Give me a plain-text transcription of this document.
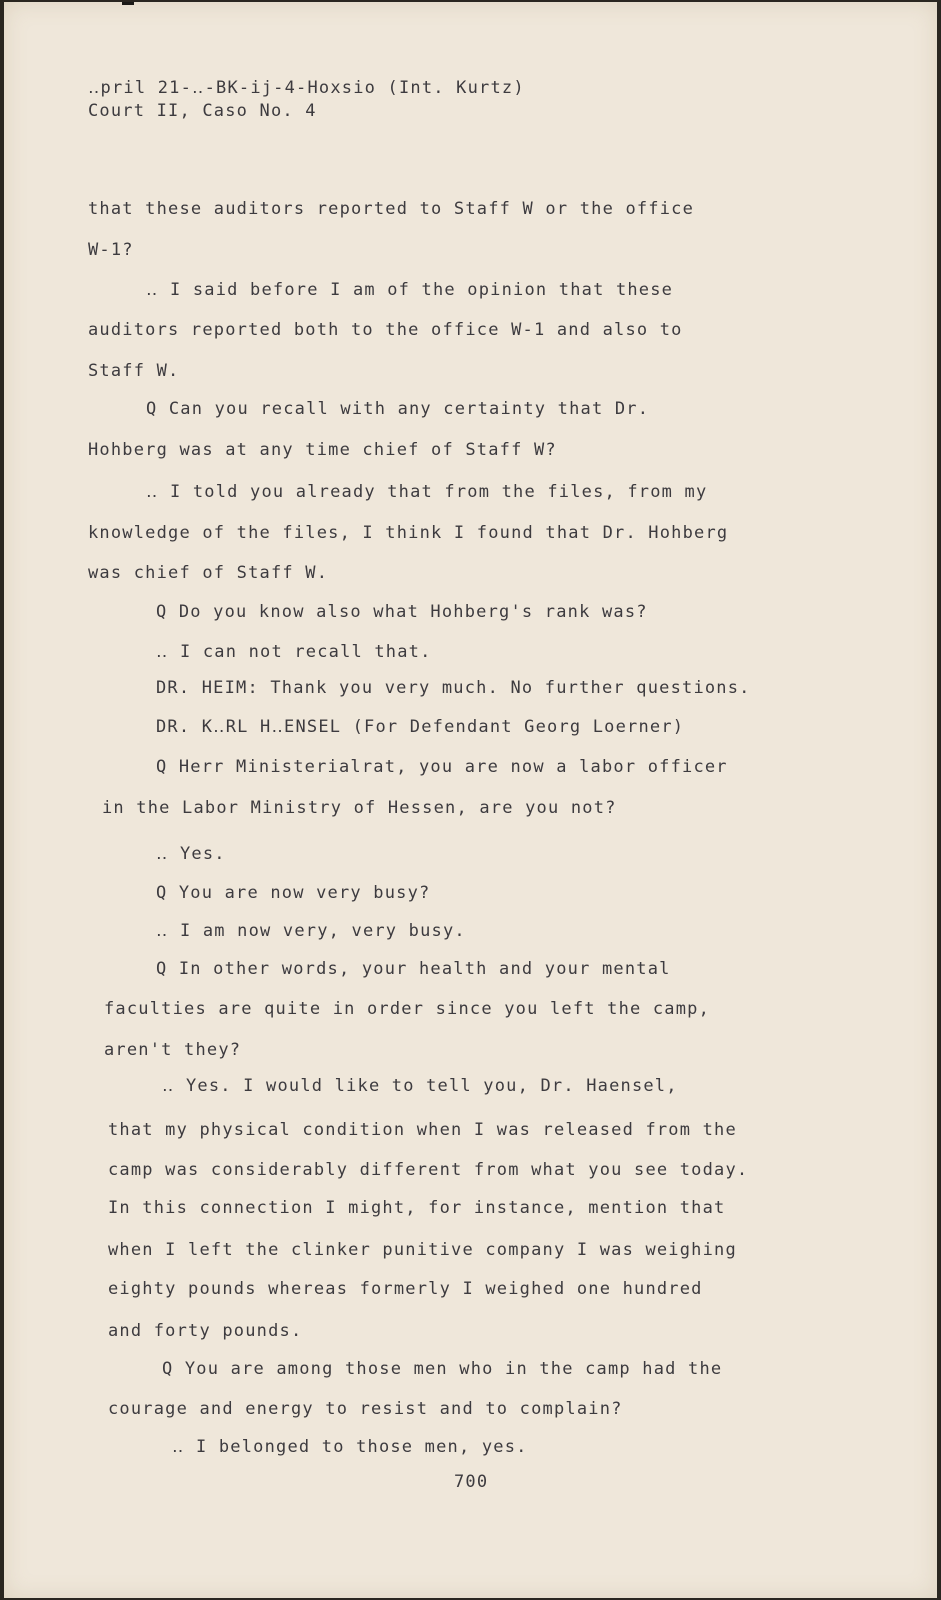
‥pril 21-‥-BK-ij-4-Hoxsio (Int. Kurtz)
Court II, Caso No. 4
that these auditors reported to Staff W or the office
W-1?
‥ I said before I am of the opinion that these
auditors reported both to the office W-1 and also to
Staff W.
Q Can you recall with any certainty that Dr.
Hohberg was at any time chief of Staff W?
‥ I told you already that from the files, from my
knowledge of the files, I think I found that Dr. Hohberg
was chief of Staff W.
Q Do you know also what Hohberg's rank was?
‥ I can not recall that.
DR. HEIM: Thank you very much. No further questions.
DR. K‥RL H‥ENSEL (For Defendant Georg Loerner)
Q Herr Ministerialrat, you are now a labor officer
in the Labor Ministry of Hessen, are you not?
‥ Yes.
Q You are now very busy?
‥ I am now very, very busy.
Q In other words, your health and your mental
faculties are quite in order since you left the camp,
aren't they?
‥ Yes. I would like to tell you, Dr. Haensel,
that my physical condition when I was released from the
camp was considerably different from what you see today.
In this connection I might, for instance, mention that
when I left the clinker punitive company I was weighing
eighty pounds whereas formerly I weighed one hundred
and forty pounds.
Q You are among those men who in the camp had the
courage and energy to resist and to complain?
‥ I belonged to those men, yes.
700
